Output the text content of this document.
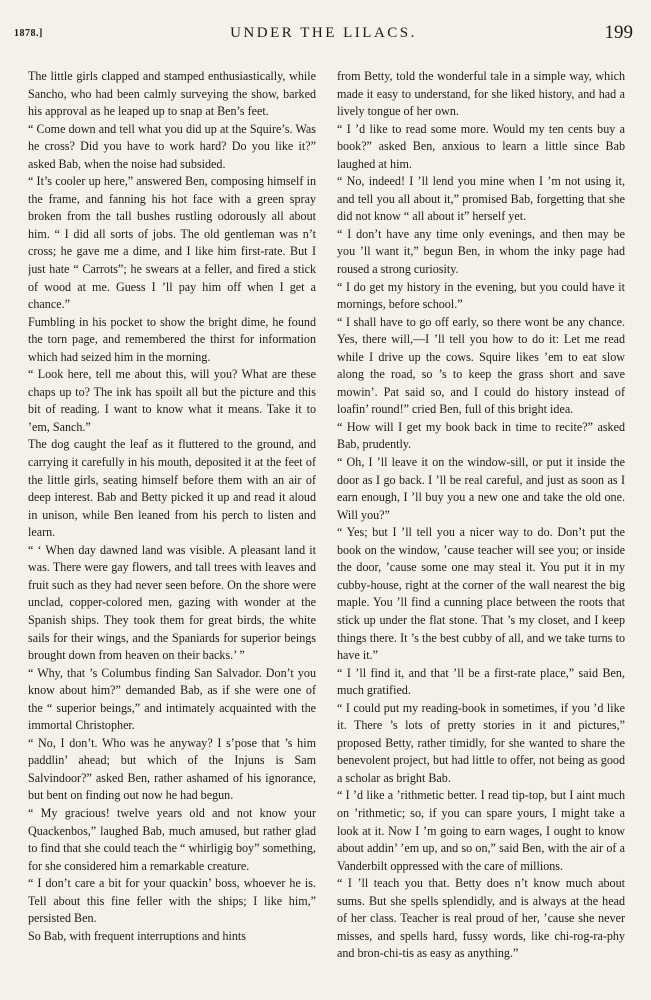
1878.]	UNDER THE LILACS.	199

The little girls clapped and stamped enthusiastically, while Sancho, who had been calmly surveying the show, barked his approval as he leaped up to snap at Ben’s feet.

“ Come down and tell what you did up at the Squire’s. Was he cross? Did you have to work hard? Do you like it?” asked Bab, when the noise had subsided.

“ It’s cooler up here,” answered Ben, composing himself in the frame, and fanning his hot face with a green spray broken from the tall bushes rustling odorously all about him. “ I did all sorts of jobs. The old gentleman was n’t cross; he gave me a dime, and I like him first-rate. But I just hate “ Carrots”; he swears at a feller, and fired a stick of wood at me. Guess I ’ll pay him off when I get a chance.”

Fumbling in his pocket to show the bright dime, he found the torn page, and remembered the thirst for information which had seized him in the morning.

“ Look here, tell me about this, will you? What are these chaps up to? The ink has spoilt all but the picture and this bit of reading. I want to know what it means. Take it to ’em, Sanch.”

The dog caught the leaf as it fluttered to the ground, and carrying it carefully in his mouth, deposited it at the feet of the little girls, seating himself before them with an air of deep interest. Bab and Betty picked it up and read it aloud in unison, while Ben leaned from his perch to listen and learn.

“ ‘ When day dawned land was visible. A pleasant land it was. There were gay flowers, and tall trees with leaves and fruit such as they had never seen before. On the shore were unclad, copper-colored men, gazing with wonder at the Spanish ships. They took them for great birds, the white sails for their wings, and the Spaniards for superior beings brought down from heaven on their backs.’ ”

“ Why, that ’s Columbus finding San Salvador. Don’t you know about him?” demanded Bab, as if she were one of the “ superior beings,” and intimately acquainted with the immortal Christopher.

“ No, I don’t. Who was he anyway? I s’pose that ’s him paddlin’ ahead; but which of the Injuns is Sam Salvindoor?” asked Ben, rather ashamed of his ignorance, but bent on finding out now he had begun.

“ My gracious! twelve years old and not know your Quackenbos,” laughed Bab, much amused, but rather glad to find that she could teach the “ whirligig boy” something, for she considered him a remarkable creature.

“ I don’t care a bit for your quackin’ boss, whoever he is. Tell about this fine feller with the ships; I like him,” persisted Ben.

So Bab, with frequent interruptions and hints

from Betty, told the wonderful tale in a simple way, which made it easy to understand, for she liked history, and had a lively tongue of her own.

“ I ’d like to read some more. Would my ten cents buy a book?” asked Ben, anxious to learn a little since Bab laughed at him.

“ No, indeed! I ’ll lend you mine when I ’m not using it, and tell you all about it,” promised Bab, forgetting that she did not know “ all about it” herself yet.

“ I don’t have any time only evenings, and then may be you ’ll want it,” begun Ben, in whom the inky page had roused a strong curiosity.

“ I do get my history in the evening, but you could have it mornings, before school.”

“ I shall have to go off early, so there wont be any chance. Yes, there will,—I ’ll tell you how to do it: Let me read while I drive up the cows. Squire likes ’em to eat slow along the road, so ’s to keep the grass short and save mowin’. Pat said so, and I could do history instead of loafin’ round!” cried Ben, full of this bright idea.

“ How will I get my book back in time to recite?” asked Bab, prudently.

“ Oh, I ’ll leave it on the window-sill, or put it inside the door as I go back. I ’ll be real careful, and just as soon as I earn enough, I ’ll buy you a new one and take the old one. Will you?”

“ Yes; but I ’ll tell you a nicer way to do. Don’t put the book on the window, ’cause teacher will see you; or inside the door, ’cause some one may steal it. You put it in my cubby-house, right at the corner of the wall nearest the big maple. You ’ll find a cunning place between the roots that stick up under the flat stone. That ’s my closet, and I keep things there. It ’s the best cubby of all, and we take turns to have it.”

“ I ’ll find it, and that ’ll be a first-rate place,” said Ben, much gratified.

“ I could put my reading-book in sometimes, if you ’d like it. There ’s lots of pretty stories in it and pictures,” proposed Betty, rather timidly, for she wanted to share the benevolent project, but had little to offer, not being as good a scholar as bright Bab.

“ I ’d like a ’rithmetic better. I read tip-top, but I aint much on ’rithmetic; so, if you can spare yours, I might take a look at it. Now I ’m going to earn wages, I ought to know about addin’ ’em up, and so on,” said Ben, with the air of a Vanderbilt oppressed with the care of millions.

“ I ’ll teach you that. Betty does n’t know much about sums. But she spells splendidly, and is always at the head of her class. Teacher is real proud of her, ’cause she never misses, and spells hard, fussy words, like chi-rog-ra-phy and bron-chi-tis as easy as anything.”
